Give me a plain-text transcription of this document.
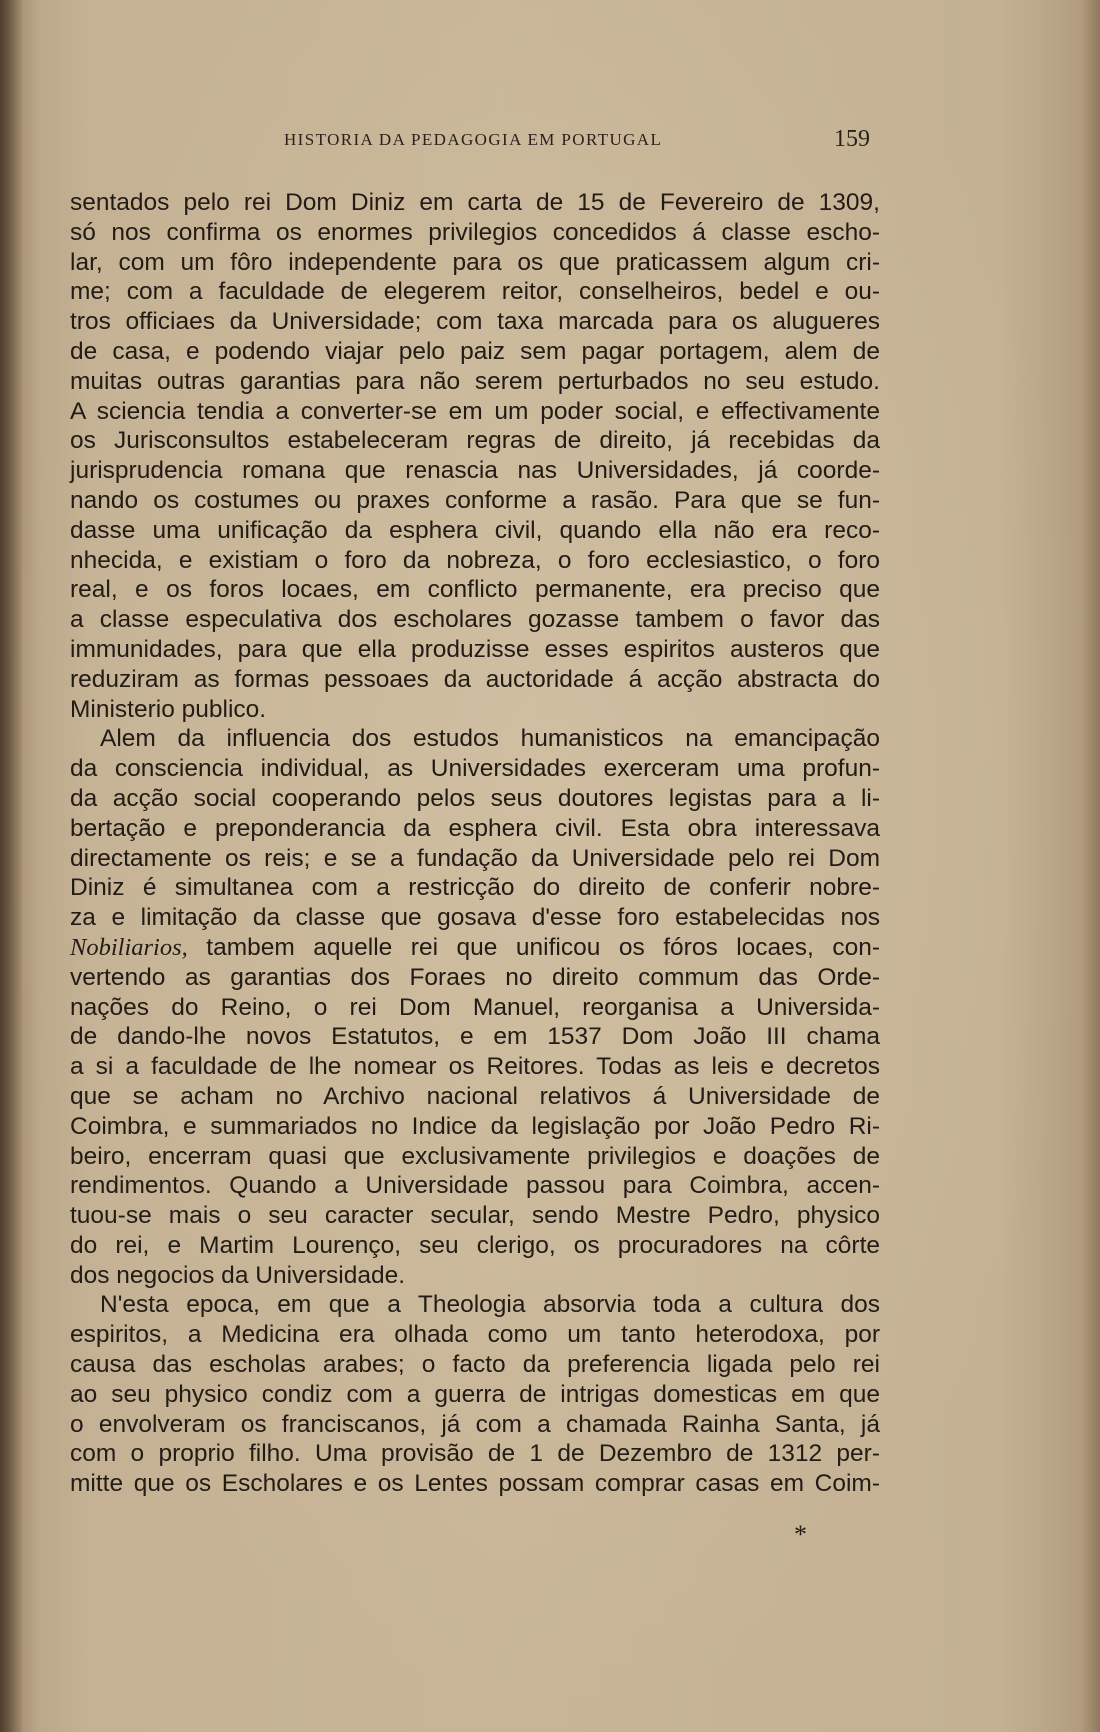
HISTORIA DA PEDAGOGIA EM PORTUGAL	159
sentados pelo rei Dom Diniz em carta de 15 de Fevereiro de 1309,
só nos confirma os enormes privilegios concedidos á classe escho-
lar, com um fôro independente para os que praticassem algum cri-
me; com a faculdade de elegerem reitor, conselheiros, bedel e ou-
tros officiaes da Universidade; com taxa marcada para os alugueres
de casa, e podendo viajar pelo paiz sem pagar portagem, alem de
muitas outras garantias para não serem perturbados no seu estudo.
A sciencia tendia a converter-se em um poder social, e effectivamente
os Jurisconsultos estabeleceram regras de direito, já recebidas da
jurisprudencia romana que renascia nas Universidades, já coorde-
nando os costumes ou praxes conforme a rasão. Para que se fun-
dasse uma unificação da esphera civil, quando ella não era reco-
nhecida, e existiam o foro da nobreza, o foro ecclesiastico, o foro
real, e os foros locaes, em conflicto permanente, era preciso que
a classe especulativa dos escholares gozasse tambem o favor das
immunidades, para que ella produzisse esses espiritos austeros que
reduziram as formas pessoaes da auctoridade á acção abstracta do
Ministerio publico.
Alem da influencia dos estudos humanisticos na emancipação
da consciencia individual, as Universidades exerceram uma profun-
da acção social cooperando pelos seus doutores legistas para a li-
bertação e preponderancia da esphera civil. Esta obra interessava
directamente os reis; e se a fundação da Universidade pelo rei Dom
Diniz é simultanea com a restricção do direito de conferir nobre-
za e limitação da classe que gosava d'esse foro estabelecidas nos
Nobiliarios, tambem aquelle rei que unificou os fóros locaes, con-
vertendo as garantias dos Foraes no direito commum das Orde-
nações do Reino, o rei Dom Manuel, reorganisa a Universida-
de dando-lhe novos Estatutos, e em 1537 Dom João III chama
a si a faculdade de lhe nomear os Reitores. Todas as leis e decretos
que se acham no Archivo nacional relativos á Universidade de
Coimbra, e summariados no Indice da legislação por João Pedro Ri-
beiro, encerram quasi que exclusivamente privilegios e doações de
rendimentos. Quando a Universidade passou para Coimbra, accen-
tuou-se mais o seu caracter secular, sendo Mestre Pedro, physico
do rei, e Martim Lourenço, seu clerigo, os procuradores na côrte
dos negocios da Universidade.
N'esta epoca, em que a Theologia absorvia toda a cultura dos
espiritos, a Medicina era olhada como um tanto heterodoxa, por
causa das escholas arabes; o facto da preferencia ligada pelo rei
ao seu physico condiz com a guerra de intrigas domesticas em que
o envolveram os franciscanos, já com a chamada Rainha Santa, já
com o proprio filho. Uma provisão de 1 de Dezembro de 1312 per-
mitte que os Escholares e os Lentes possam comprar casas em Coim-
*
